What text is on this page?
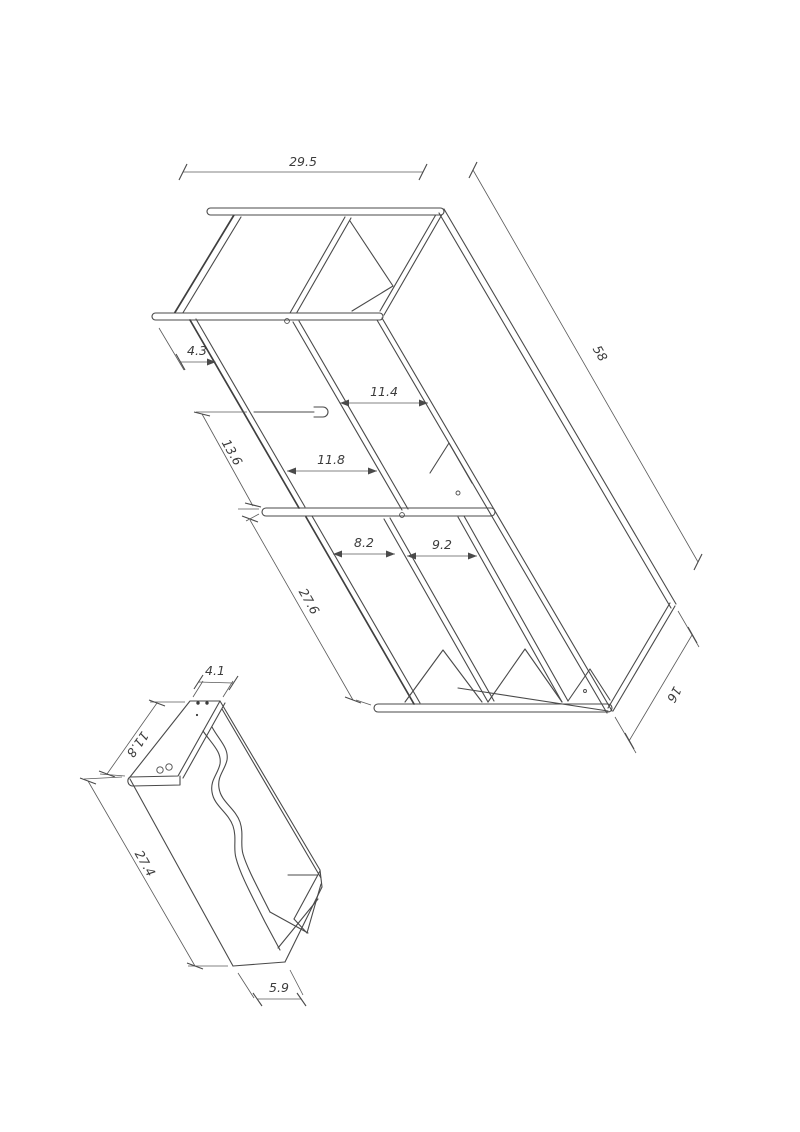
29.5
58
16
4.3
11.4
13.6	11.8
8.2	9.2
27.6
4.1
11.8
27.4
5.9
